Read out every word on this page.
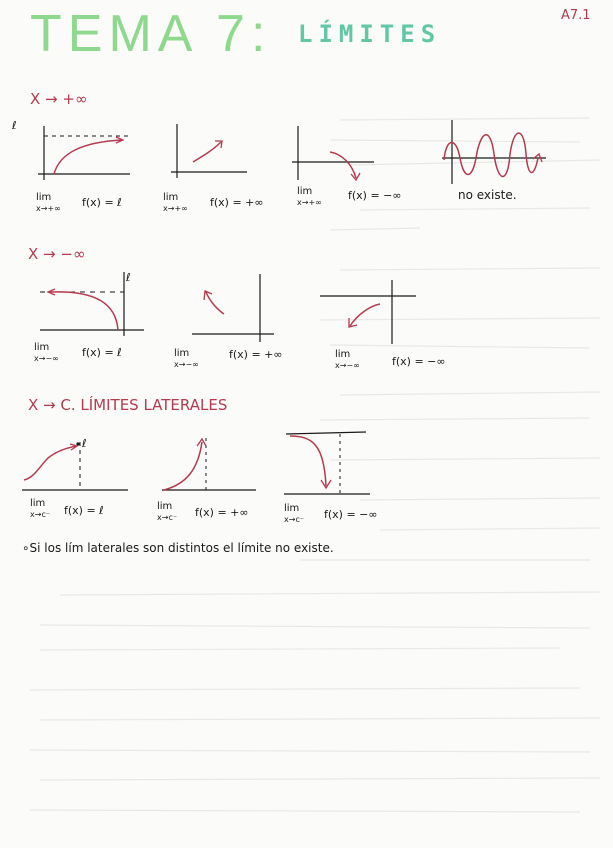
TEMA 7: LÍMITES
A7.1
X → +∞
ℓ
lim
x→+∞ f(x) = ℓ	lim
x→+∞ f(x) = +∞
lim
x→+∞
f(x) = −∞	no existe.
X → −∞
ℓ
lim
x→−∞ f(x) = ℓ	lim
x→−∞
f(x) = +∞	lim
x→−∞	f(x) = −∞
X → C. LÍMITES LATERALES
ℓ
lim
x→c⁻ f(x) = ℓ	lim
x→c⁻ f(x) = +∞	lim
x→c⁻ f(x) = −∞
∘Si los lím laterales son distintos el límite no existe.
